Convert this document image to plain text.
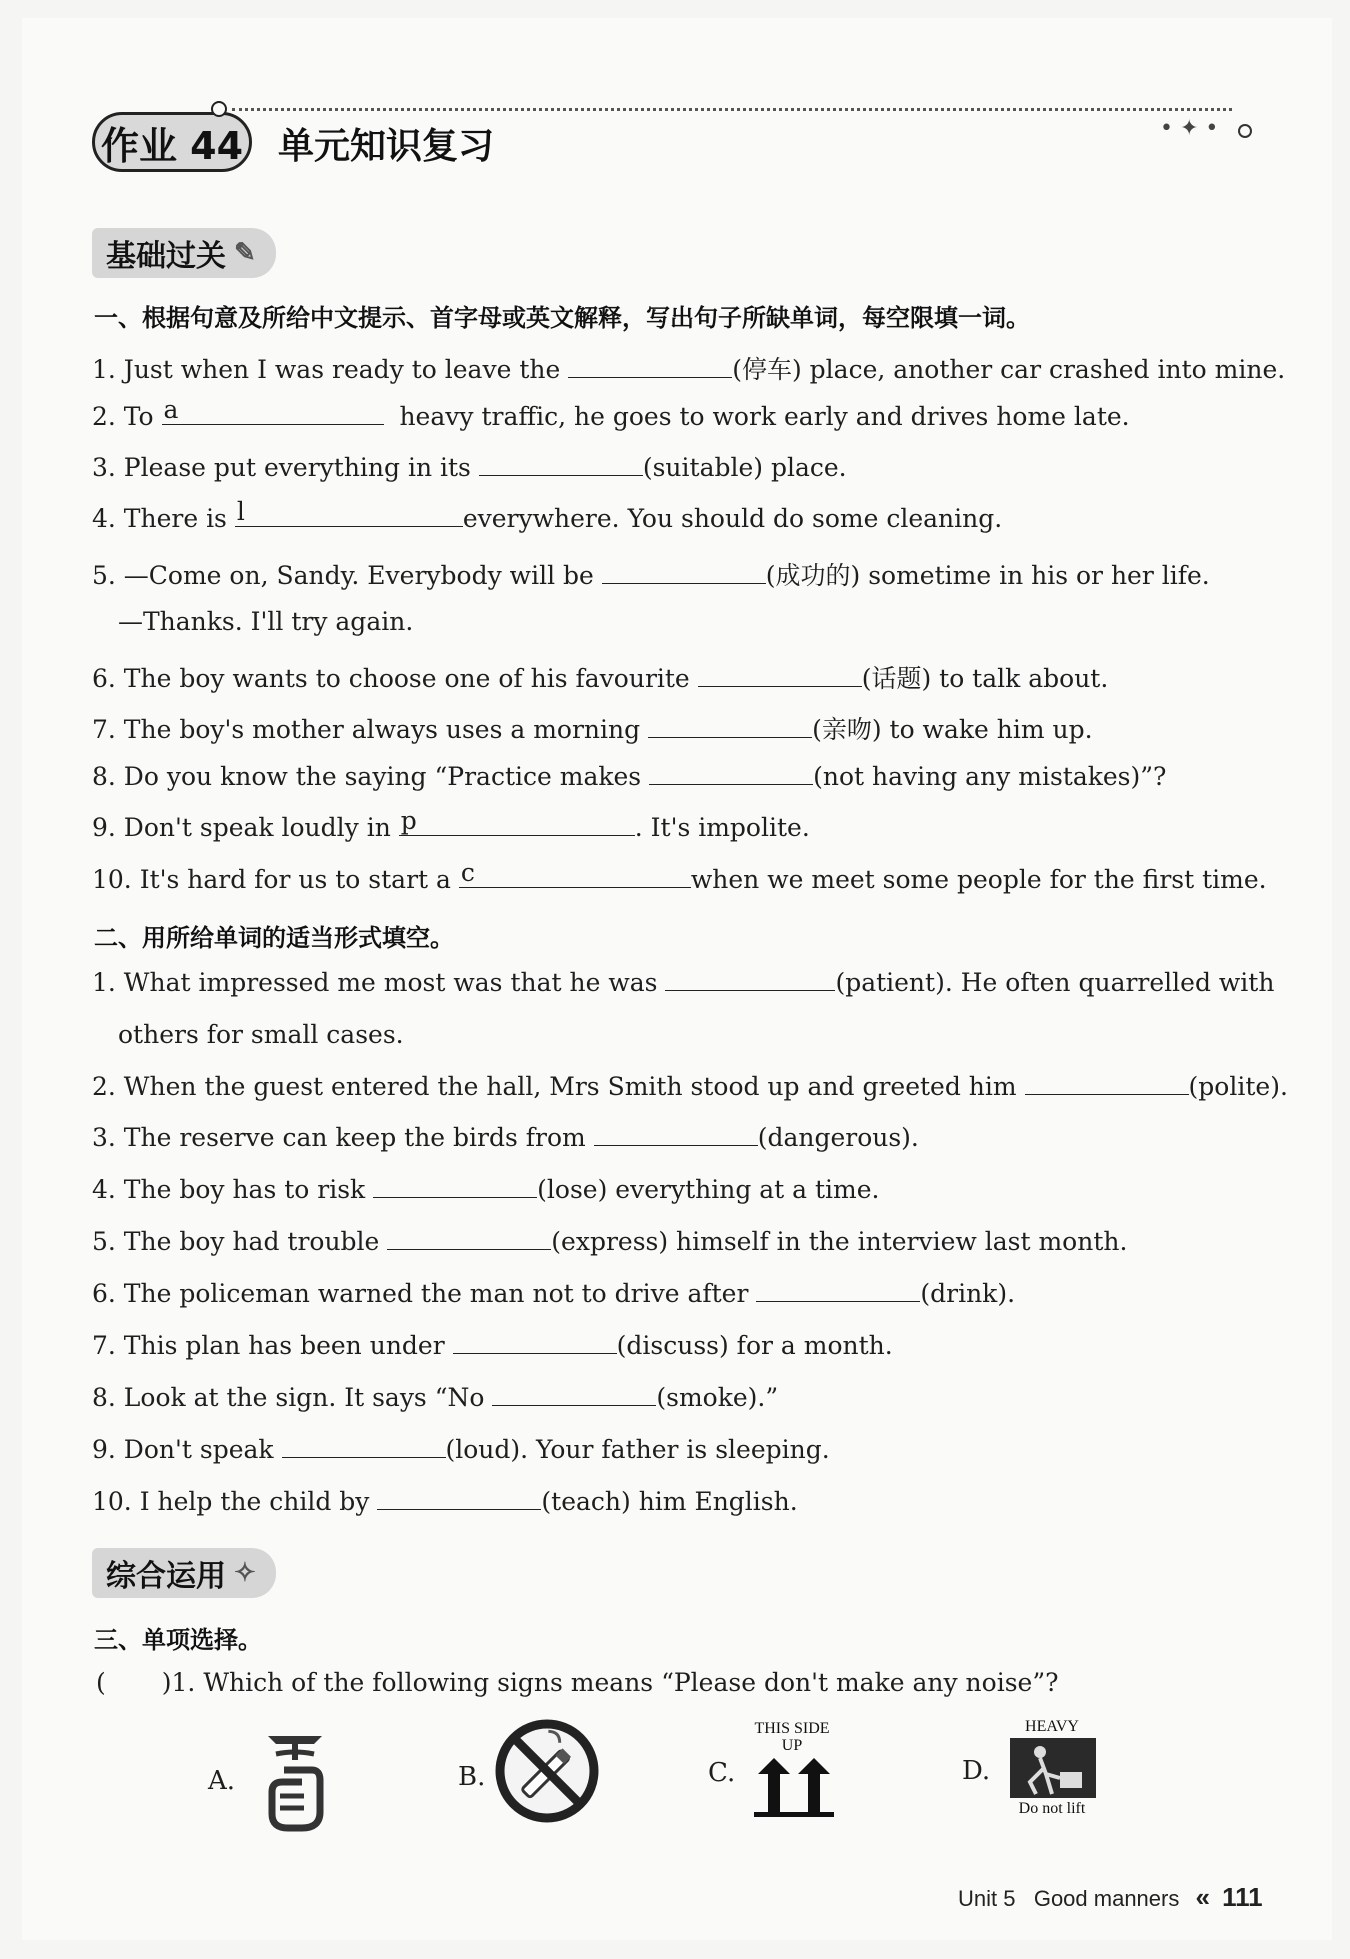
作业 44 单元知识复习	• ✦ •
基础过关 ✎
一、根据句意及所给中文提示、首字母或英文解释，写出句子所缺单词，每空限填一词。
1. Just when I was ready to leave the	(停车) place, another car crashed into mine.
2. To a	heavy traffic, he goes to work early and drives home late.
3. Please put everything in its	(suitable) place.
4. There is l	everywhere. You should do some cleaning.
5. —Come on, Sandy. Everybody will be	(成功的) sometime in his or her life.
—Thanks. I'll try again.
6. The boy wants to choose one of his favourite	(话题) to talk about.
7. The boy's mother always uses a morning	(亲吻) to wake him up.
8. Do you know the saying “Practice makes	(not having any mistakes)”?
9. Don't speak loudly in p	. It's impolite.
10. It's hard for us to start a c	when we meet some people for the first time.
二、用所给单词的适当形式填空。
1. What impressed me most was that he was	(patient). He often quarrelled with
others for small cases.
2. When the guest entered the hall, Mrs Smith stood up and greeted him	(polite).
3. The reserve can keep the birds from	(dangerous).
4. The boy has to risk	(lose) everything at a time.
5. The boy had trouble	(express) himself in the interview last month.
6. The policeman warned the man not to drive after	(drink).
7. This plan has been under	(discuss) for a month.
8. Look at the sign. It says “No	(smoke).”
9. Don't speak	(loud). Your father is sleeping.
10. I help the child by	(teach) him English.
综合运用 ✧
三、单项选择。
( )1. Which of the following signs means “Please don't make any noise”?
A.	B.	C.
THIS SIDE
UP
D.
HEAVY
Do not lift
Unit 5 Good manners « 111
